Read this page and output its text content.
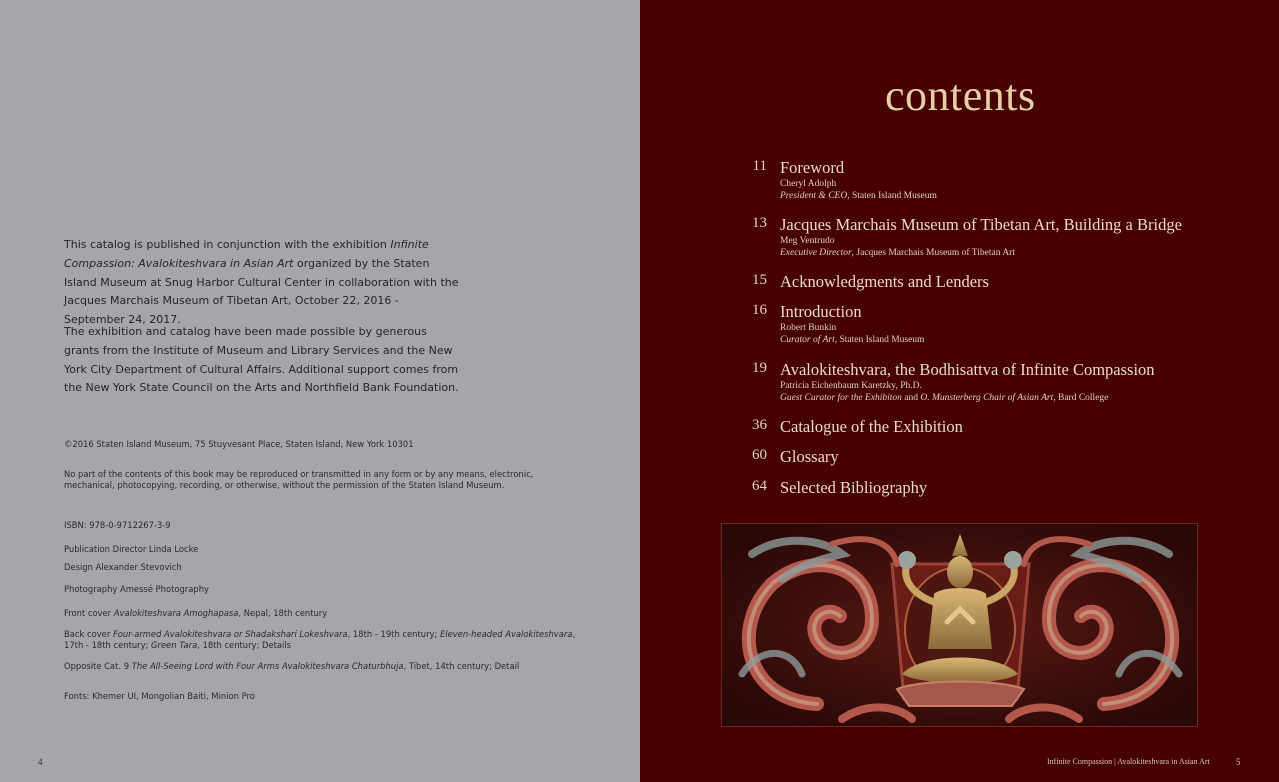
This catalog is published in conjunction with the exhibition Infinite Compassion: Avalokiteshvara in Asian Art organized by the Staten Island Museum at Snug Harbor Cultural Center in collaboration with the Jacques Marchais Museum of Tibetan Art, October 22, 2016 - September 24, 2017.

The exhibition and catalog have been made possible by generous grants from the Institute of Museum and Library Services and the New York City Department of Cultural Affairs. Additional support comes from the New York State Council on the Arts and Northfield Bank Foundation.

©2016 Staten Island Museum, 75 Stuyvesant Place, Staten Island, New York 10301

No part of the contents of this book may be reproduced or transmitted in any form or by any means, electronic,

mechanical, photocopying, recording, or otherwise, without the permission of the Staten Island Museum.

ISBN: 978-0-9712267-3-9

Publication Director Linda Locke

Design Alexander Stevovich

Photography Amessé Photography

Front cover Avalokiteshvara Amoghapasa, Nepal, 18th century

Back cover Four-armed Avalokiteshvara or Shadakshari Lokeshvara, 18th - 19th century; Eleven-headed Avalokiteshvara,

17th - 18th century; Green Tara, 18th century; Details

Opposite Cat. 9 The All-Seeing Lord with Four Arms Avalokiteshvara Chaturbhuja, Tibet, 14th century; Detail

Fonts: Khemer UI, Mongolian Baiti, Minion Pro

4
contents
11 Foreword
Cheryl Adolph
President & CEO, Staten Island Museum
13 Jacques Marchais Museum of Tibetan Art, Building a Bridge
Meg Ventrudo
Executive Director, Jacques Marchais Museum of Tibetan Art
15 Acknowledgments and Lenders
16 Introduction
Robert Bunkin
Curator of Art, Staten Island Museum
19 Avalokiteshvara, the Bodhisattva of Infinite Compassion
Patricia Eichenbaum Karetzky, Ph.D.
Guest Curator for the Exhibiton and O. Munsterberg Chair of Asian Art, Bard College
36 Catalogue of the Exhibition
60 Glossary
64 Selected Bibliography
Infinite Compassion | Avalokiteshvara in Asian Art	5
